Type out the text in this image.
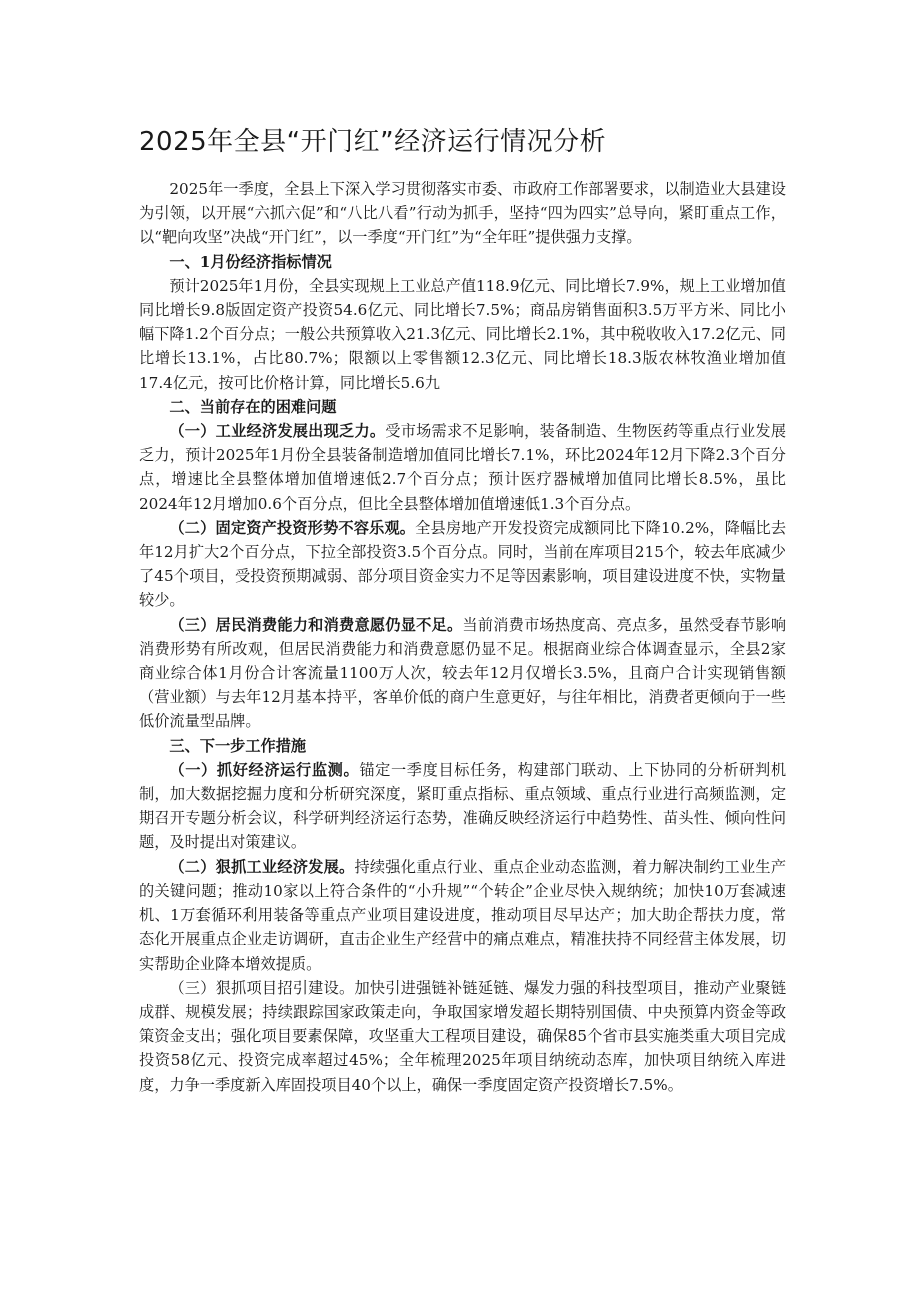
2025年全县“开门红”经济运行情况分析

2025年一季度，全县上下深入学习贯彻落实市委、市政府工作部署要求，以制造业大县建设为引领，以开展“六抓六促”和“八比八看”行动为抓手，坚持“四为四实”总导向，紧盯重点工作，以“靶向攻坚”决战“开门红”，以一季度“开门红”为“全年旺”提供强力支撑。

一、1月份经济指标情况

预计2025年1月份，全县实现规上工业总产值118.9亿元、同比增长7.9%，规上工业增加值同比增长9.8版固定资产投资54.6亿元、同比增长7.5%；商品房销售面积3.5万平方米、同比小幅下降1.2个百分点；一般公共预算收入21.3亿元、同比增长2.1%，其中税收收入17.2亿元、同比增长13.1%，占比80.7%；限额以上零售额12.3亿元、同比增长18.3版农林牧渔业增加值17.4亿元，按可比价格计算，同比增长5.6九

二、当前存在的困难问题

（一）工业经济发展出现乏力。受市场需求不足影响，装备制造、生物医药等重点行业发展乏力，预计2025年1月份全县装备制造增加值同比增长7.1%，环比2024年12月下降2.3个百分点，增速比全县整体增加值增速低2.7个百分点；预计医疗器械增加值同比增长8.5%，虽比2024年12月增加0.6个百分点，但比全县整体增加值增速低1.3个百分点。

（二）固定资产投资形势不容乐观。全县房地产开发投资完成额同比下降10.2%，降幅比去年12月扩大2个百分点，下拉全部投资3.5个百分点。同时，当前在库项目215个，较去年底减少了45个项目，受投资预期减弱、部分项目资金实力不足等因素影响，项目建设进度不快，实物量较少。

（三）居民消费能力和消费意愿仍显不足。当前消费市场热度高、亮点多，虽然受春节影响消费形势有所改观，但居民消费能力和消费意愿仍显不足。根据商业综合体调查显示，全县2家商业综合体1月份合计客流量1100万人次，较去年12月仅增长3.5%，且商户合计实现销售额（营业额）与去年12月基本持平，客单价低的商户生意更好，与往年相比，消费者更倾向于一些低价流量型品牌。

三、下一步工作措施

（一）抓好经济运行监测。锚定一季度目标任务，构建部门联动、上下协同的分析研判机制，加大数据挖掘力度和分析研究深度，紧盯重点指标、重点领域、重点行业进行高频监测，定期召开专题分析会议，科学研判经济运行态势，准确反映经济运行中趋势性、苗头性、倾向性问题，及时提出对策建议。

（二）狠抓工业经济发展。持续强化重点行业、重点企业动态监测，着力解决制约工业生产的关键问题；推动10家以上符合条件的“小升规”“个转企”企业尽快入规纳统；加快10万套减速机、1万套循环利用装备等重点产业项目建设进度，推动项目尽早达产；加大助企帮扶力度，常态化开展重点企业走访调研，直击企业生产经营中的痛点难点，精准扶持不同经营主体发展，切实帮助企业降本增效提质。

（三）狠抓项目招引建设。加快引进强链补链延链、爆发力强的科技型项目，推动产业聚链成群、规模发展；持续跟踪国家政策走向，争取国家增发超长期特别国债、中央预算内资金等政策资金支出；强化项目要素保障，攻坚重大工程项目建设，确保85个省市县实施类重大项目完成投资58亿元、投资完成率超过45%；全年梳理2025年项目纳统动态库，加快项目纳统入库进度，力争一季度新入库固投项目40个以上，确保一季度固定资产投资增长7.5%。
